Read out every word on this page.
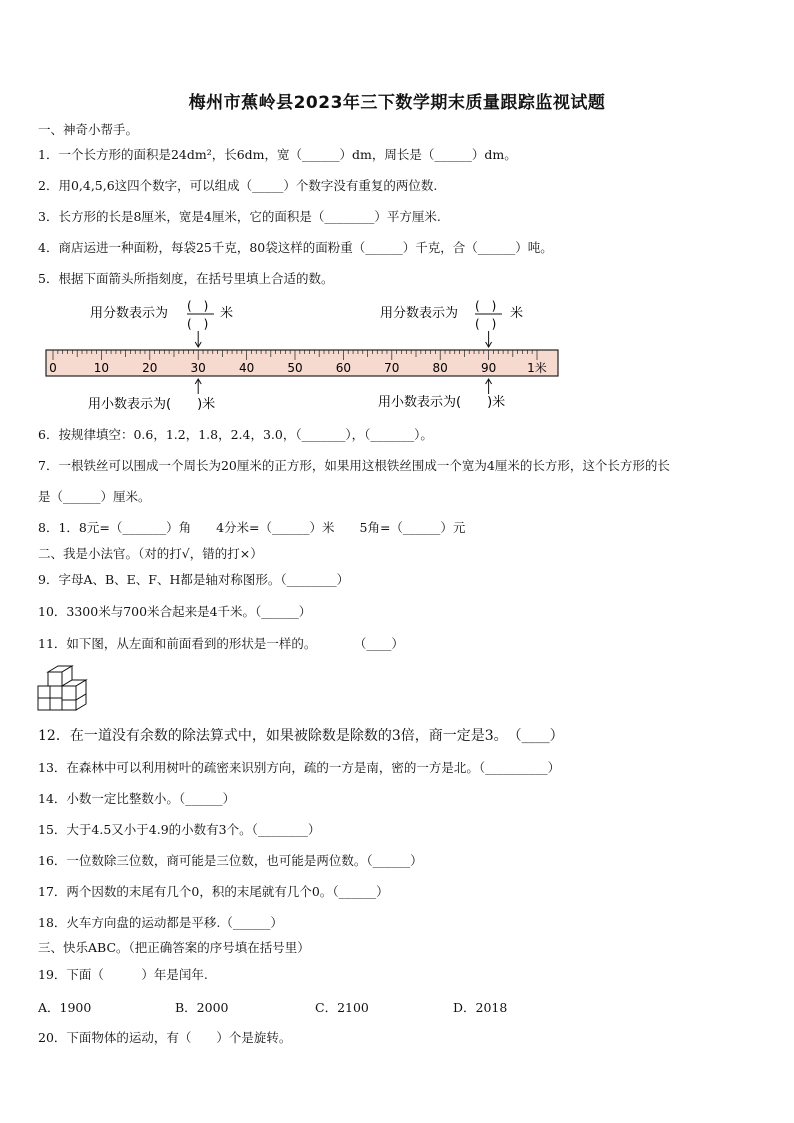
梅州市蕉岭县2023年三下数学期末质量跟踪监视试题
一、神奇小帮手。
1．一个长方形的面积是24dm²，长6dm，宽（______）dm，周长是（______）dm。
2．用0,4,5,6这四个数字，可以组成（_____）个数字没有重复的两位数.
3．长方形的长是8厘米，宽是4厘米，它的面积是（________）平方厘米.
4．商店运进一种面粉，每袋25千克，80袋这样的面粉重（______）千克，合（______）吨。
5．根据下面箭头所指刻度，在括号里填上合适的数。
用分数表示为 (　)
(　)
米	用分数表示为 (　)
(　)
米
0	10	20	30	40	50	60	70	80	90	1米
用小数表示为(　　)米	用小数表示为(　　)米
6．按规律填空：0.6，1.2，1.8，2.4，3.0，（_______），（_______）。
7．一根铁丝可以围成一个周长为20厘米的正方形，如果用这根铁丝围成一个宽为4厘米的长方形，这个长方形的长
是（______）厘米。
8．1．8元=（_______）角　　4分米=（______）米　　5角=（______）元
二、我是小法官。（对的打√，错的打×）
9．字母A、B、E、F、H都是轴对称图形。（________）
10．3300米与700米合起来是4千米。（______）
11．如下图，从左面和前面看到的形状是一样的。　　　　（____）
12．在一道没有余数的除法算式中，如果被除数是除数的3倍，商一定是3。　（____）
13．在森林中可以利用树叶的疏密来识别方向，疏的一方是南，密的一方是北。（__________）
14．小数一定比整数小。（______）
15．大于4.5又小于4.9的小数有3个。（________）
16．一位数除三位数，商可能是三位数，也可能是两位数。（______）
17．两个因数的末尾有几个0，积的末尾就有几个0。（______）
18．火车方向盘的运动都是平移.（______）
三、快乐ABC。（把正确答案的序号填在括号里）
19．下面（　　　）年是闰年.
A．1900	B．2000	C．2100	D．2018
20．下面物体的运动，有（　　）个是旋转。
